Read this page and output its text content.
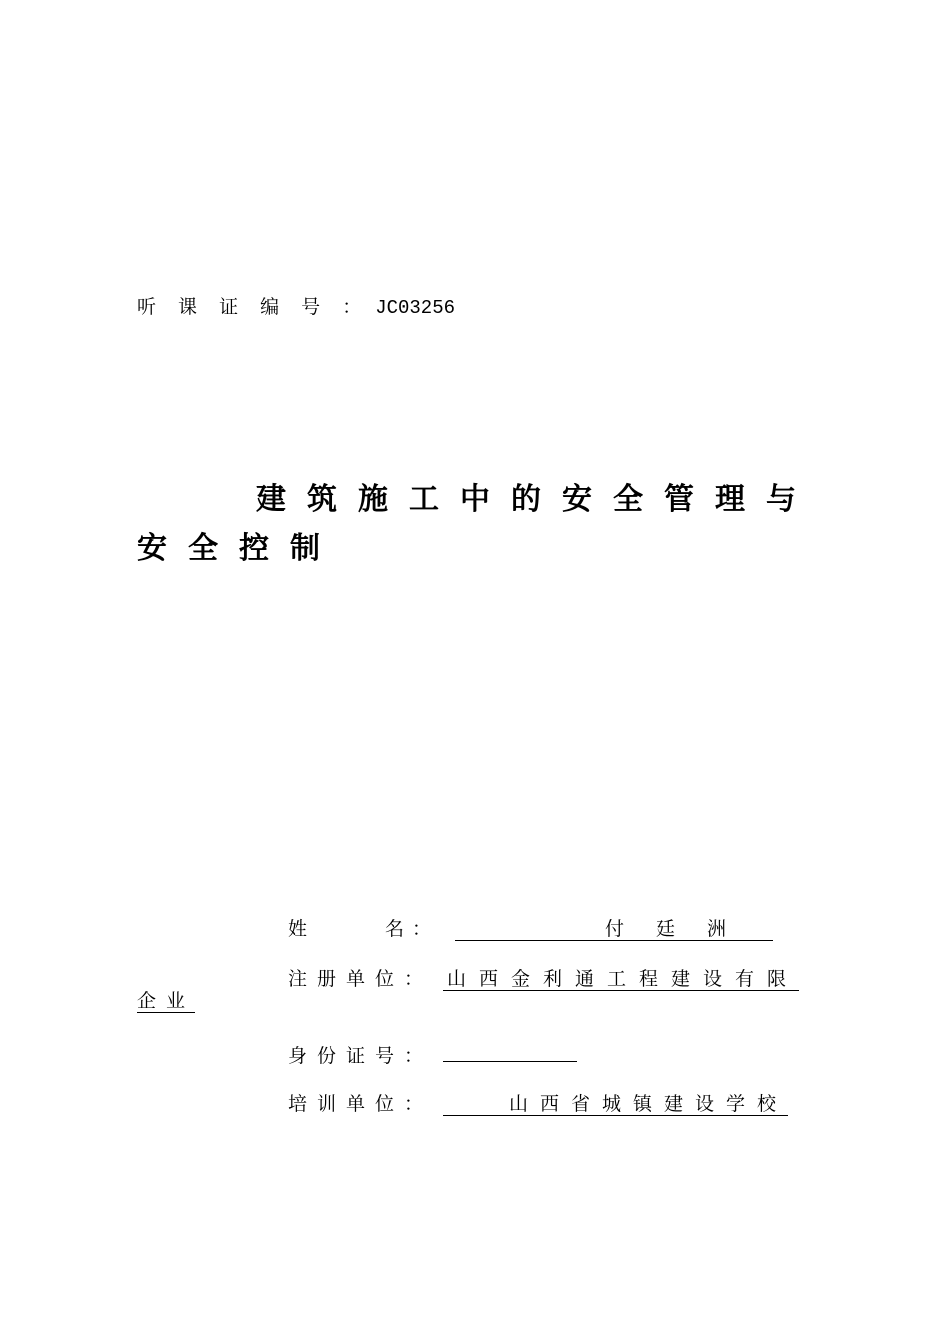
听 课 证 编 号 ： JC03256
建筑施工中的安全管理与
安全控制
姓	名 ：	付廷洲

注册单位： 山西金利通工程建设有限
企业
身份证号：
培训单位：	山西省城镇建设学校
